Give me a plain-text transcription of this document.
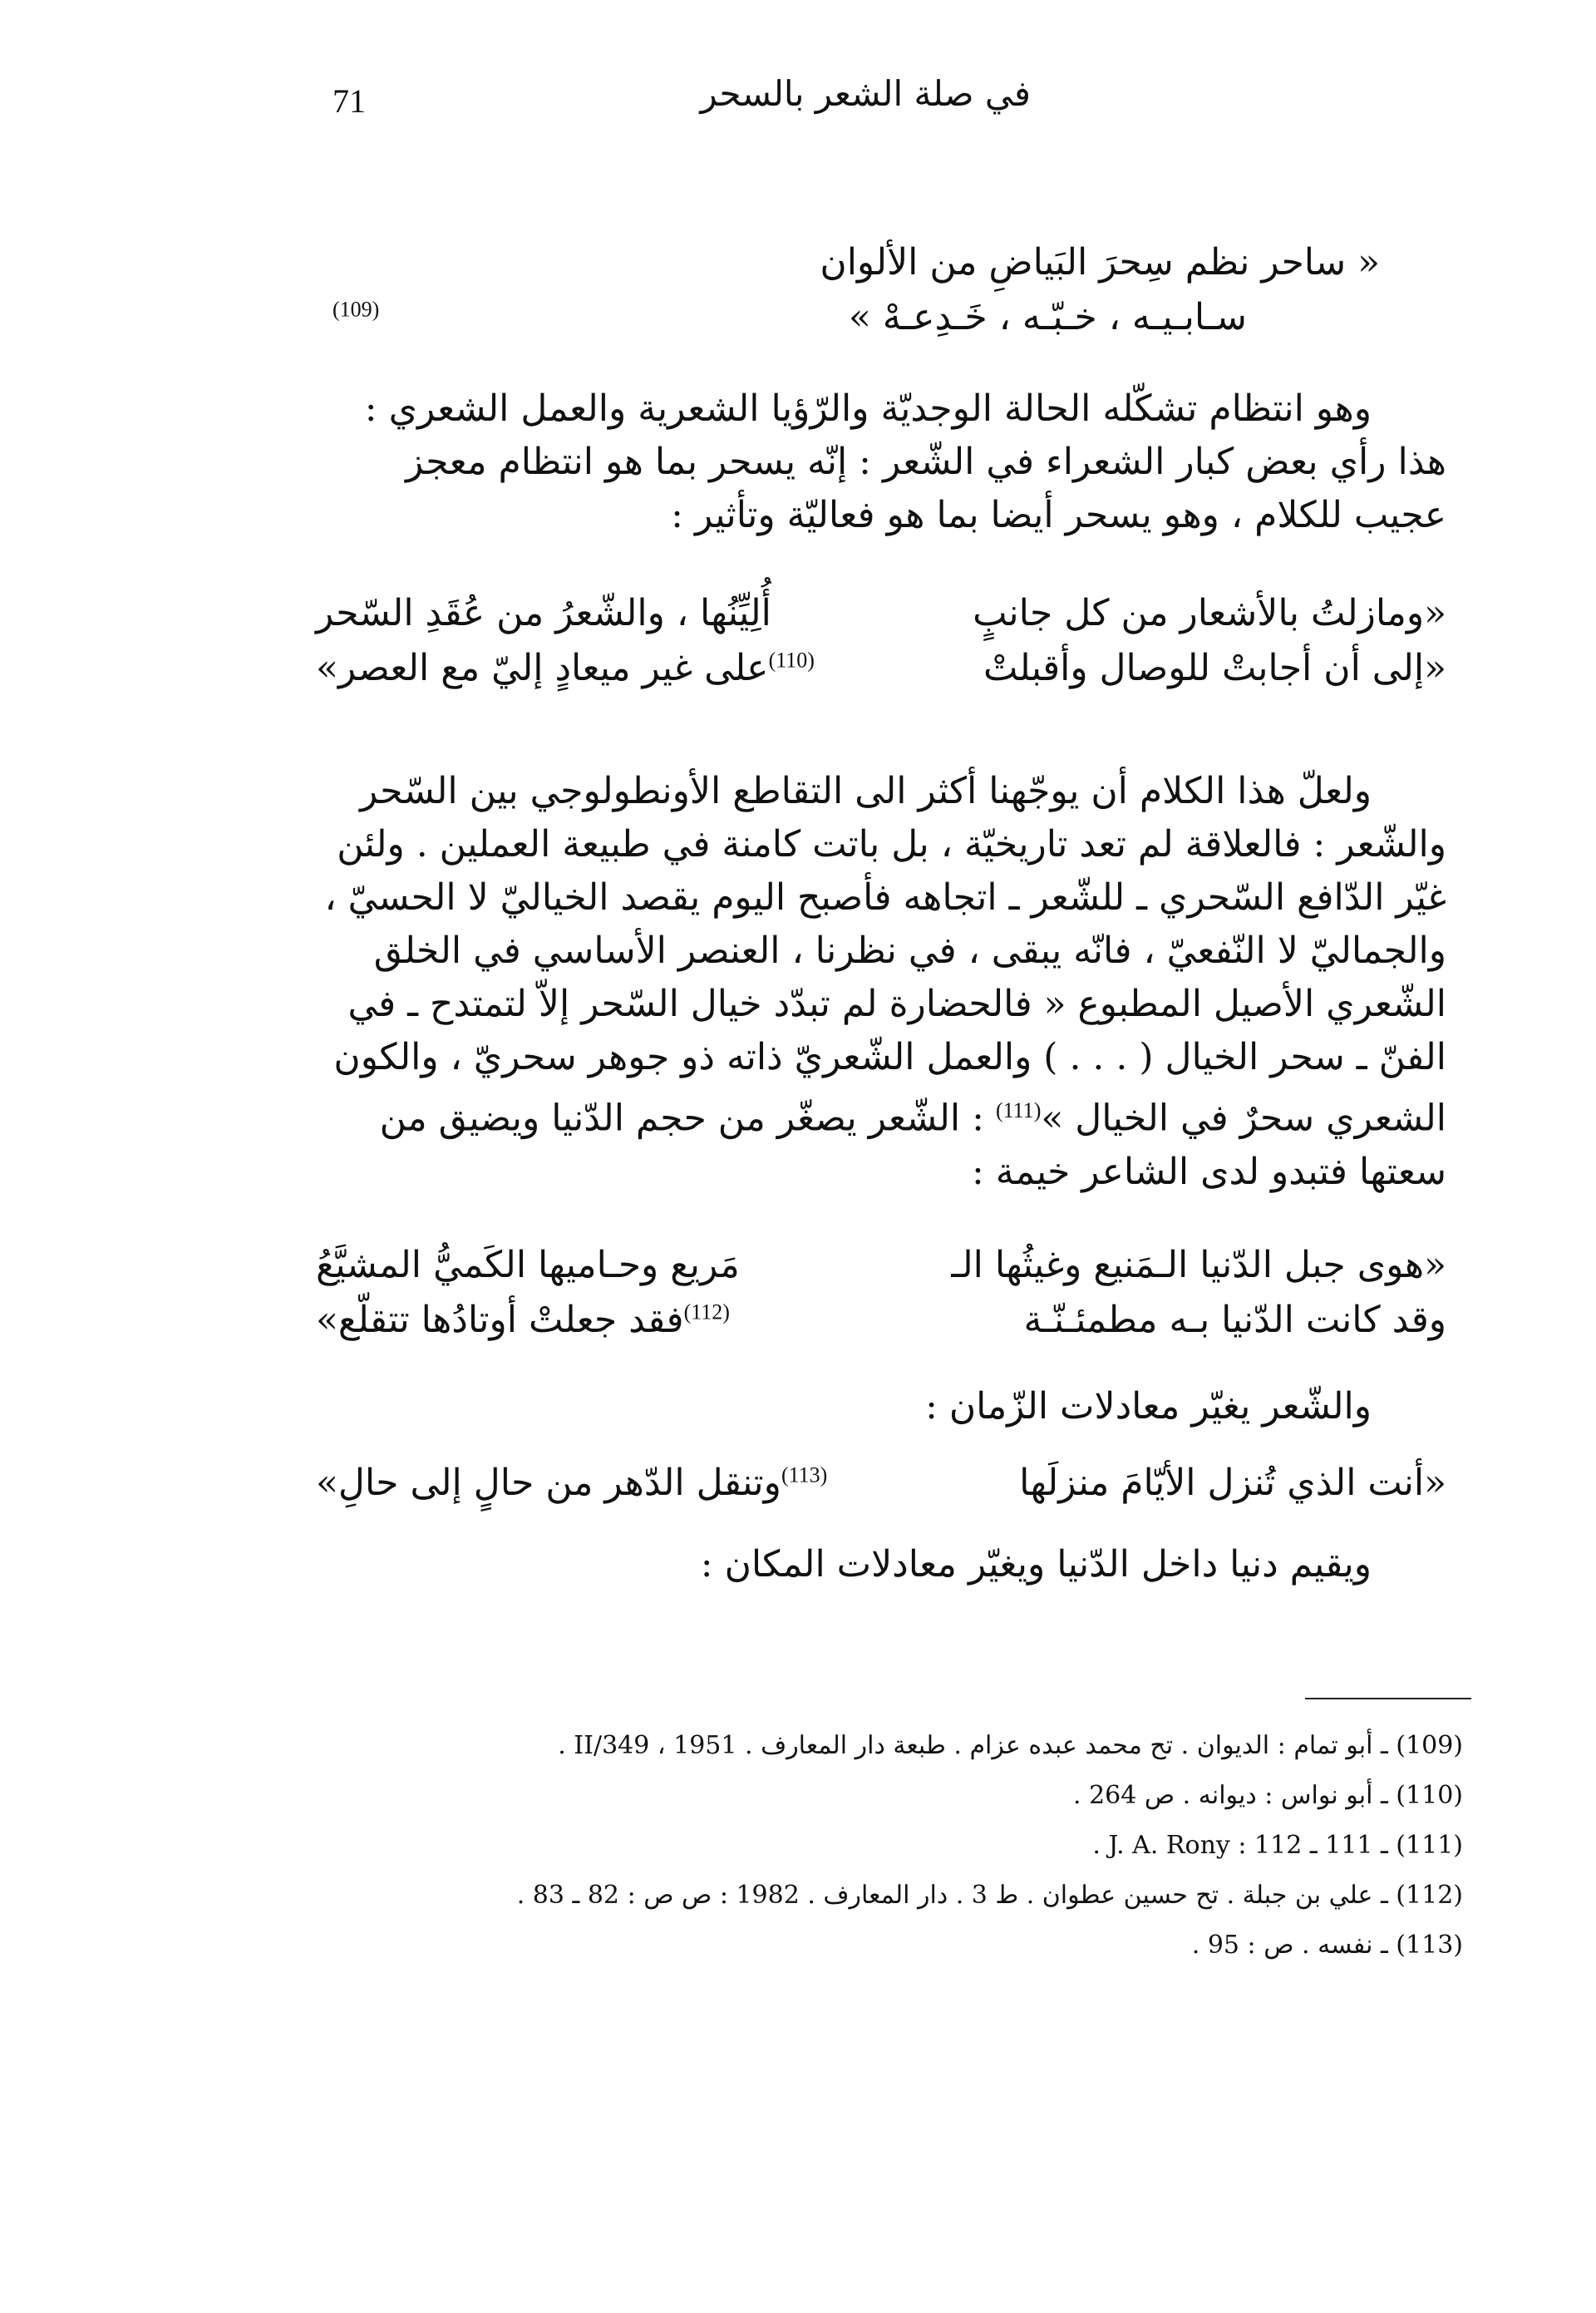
71	في صلة الشعر بالسحر
« ساحر نظم سِحرَ البَياضِ من الألوان
سـابـيـه ، خـبّـه ، خَـدِعـهْ »
$^{(109)}$

وهو انتظام تشكّله الحالة الوجديّة والرّؤيا الشعرية والعمل الشعري : هذا رأي بعض كبار الشعراء في الشّعر : إنّه يسحر بما هو انتظام معجز عجيب للكلام ، وهو يسحر أيضا بما هو فعاليّة وتأثير :

«ومازلتُ بالأشعار من كل جانبٍ
أُلِيِّنُها ، والشّعرُ من عُقَدِ السّحر
«إلى أن أجابتْ للوصال وأقبلتْ
$^{(110)}$على غير ميعادٍ إليّ مع العصر»

ولعلّ هذا الكلام أن يوجّهنا أكثر الى التقاطع الأونطولوجي بين السّحر والشّعر : فالعلاقة لم تعد تاريخيّة ، بل باتت كامنة في طبيعة العملين . ولئن غيّر الدّافع السّحري ـ للشّعر ـ اتجاهه فأصبح اليوم يقصد الخياليّ لا الحسيّ ، والجماليّ لا النّفعيّ ، فانّه يبقى ، في نظرنا ، العنصر الأساسي في الخلق الشّعري الأصيل المطبوع « فالحضارة لم تبدّد خيال السّحر إلاّ لتمتدح ـ في الفنّ ـ سحر الخيال ( . . . ) والعمل الشّعريّ ذاته ذو جوهر سحريّ ، والكون الشعري سحرٌ في الخيال »$^{(111)}$ : الشّعر يصغّر من حجم الدّنيا ويضيق من سعتها فتبدو لدى الشاعر خيمة :

«هوى جبل الدّنيا الـمَنيع وغيثُها الـ
مَريع وحـاميها الكَميُّ المشيَّعُ
وقد كانت الدّنيا بـه مطمئـنّـة
$^{(112)}$فقد جعلتْ أوتادُها تتقلّع»

والشّعر يغيّر معادلات الزّمان :

«أنت الذي تُنزل الأيّامَ منزلَها
$^{(113)}$وتنقل الدّهر من حالٍ إلى حالِ»

ويقيم دنيا داخل الدّنيا ويغيّر معادلات المكان :

(109) ـ أبو تمام : الديوان . تح محمد عبده عزام . طبعة دار المعارف . 1951 ، 349/II .

(110) ـ أبو نواس : ديوانه . ص 264 .

(111) ـ 111 ـ 112 : J. A. Rony .

(112) ـ علي بن جبلة . تح حسين عطوان . ط 3 . دار المعارف . 1982 : ص ص : 82 ـ 83 .

(113) ـ نفسه . ص : 95 .
